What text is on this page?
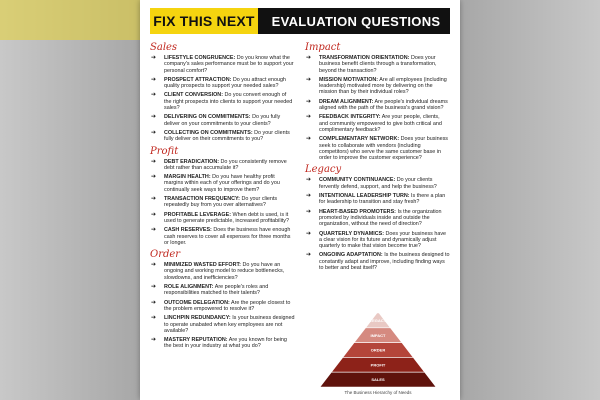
FIX THIS NEXT	EVALUATION QUESTIONS
Sales
➔ LIFESTYLE CONGRUENCE: Do you know what the company's sales performance must be to support your personal comfort?
➔ PROSPECT ATTRACTION: Do you attract enough quality prospects to support your needed sales?
➔ CLIENT CONVERSION: Do you convert enough of the right prospects into clients to support your needed sales?
➔ DELIVERING ON COMMITMENTS: Do you fully deliver on your commitments to your clients?
➔ COLLECTING ON COMMITMENTS: Do your clients fully deliver on their commitments to you?
Profit
➔ DEBT ERADICATION: Do you consistently remove debt rather than accumulate it?
➔ MARGIN HEALTH: Do you have healthy profit margins within each of your offerings and do you continually seek ways to improve them?
➔ TRANSACTION FREQUENCY: Do your clients repeatedly buy from you over alternatives?
➔ PROFITABLE LEVERAGE: When debt is used, is it used to generate predictable, increased profitability?
➔ CASH RESERVES: Does the business have enough cash reserves to cover all expenses for three months or longer.
Order
➔ MINIMIZED WASTED EFFORT: Do you have an ongoing and working model to reduce bottlenecks, slowdowns, and inefficiencies?
➔ ROLE ALIGNMENT: Are people's roles and responsibilities matched to their talents?
➔ OUTCOME DELEGATION: Are the people closest to the problem empowered to resolve it?
➔ LINCHPIN REDUNDANCY: Is your business designed to operate unabated when key employees are not available?
➔ MASTERY REPUTATION: Are you known for being the best in your industry at what you do?
Impact
➔ TRANSFORMATION ORIENTATION: Does your business benefit clients through a transformation, beyond the transaction?
➔ MISSION MOTIVATION: Are all employees (including leadership) motivated more by delivering on the mission than by their individual roles?
➔ DREAM ALIGNMENT: Are people's individual dreams aligned with the path of the business's grand vision?
➔ FEEDBACK INTEGRITY: Are your people, clients, and community empowered to give both critical and complimentary feedback?
➔ COMPLEMENTARY NETWORK: Does your business seek to collaborate with vendors (including competitors) who serve the same customer base in order to improve the customer experience?
Legacy
➔ COMMUNITY CONTINUANCE: Do your clients fervently defend, support, and help the business?
➔ INTENTIONAL LEADERSHIP TURN: Is there a plan for leadership to transition and stay fresh?
➔ HEART-BASED PROMOTERS: Is the organization promoted by individuals inside and outside the organization, without the need of direction?
➔ QUARTERLY DYNAMICS: Does your business have a clear vision for its future and dynamically adjust quarterly to make that vision become true?
➔ ONGOING ADAPTATION: Is the business designed to constantly adapt and improve, including finding ways to better and beat itself?
LEGACY
IMPACT
ORDER
PROFIT
SALES
The Business Hierarchy of Needs
